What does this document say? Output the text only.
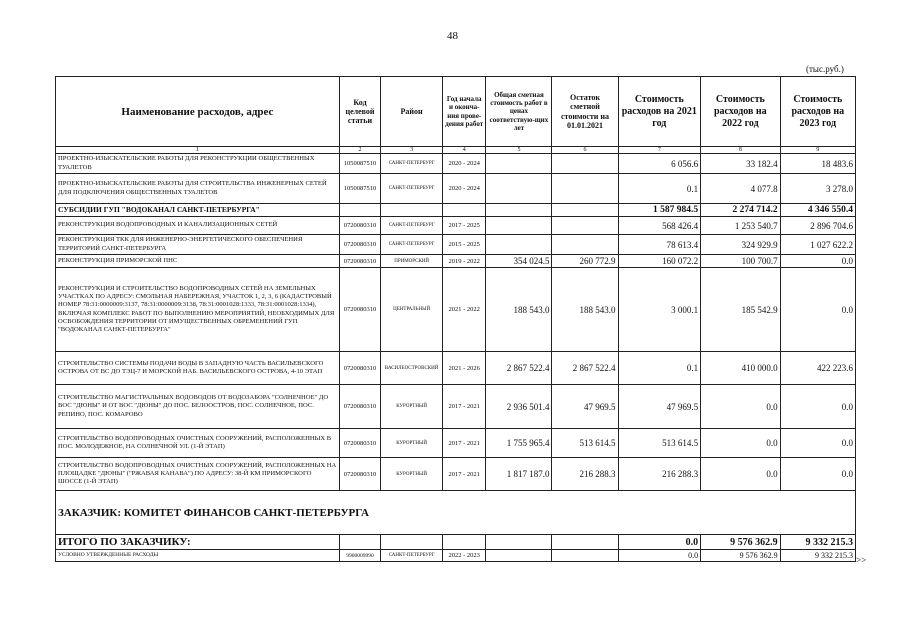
48
(тыс.руб.)
Наименование расходов, адрес	Код целевой статьи	Район	Год начала и оконча-ния прове-дения работ	Общая сметная стоимость работ в ценах соответствую-щих лет	Остаток сметной стоимости на 01.01.2021	Стоимость расходов на 2021 год	Стоимость расходов на 2022 год	Стоимость расходов на 2023 год
1	2	3	4	5	6	7	8	9
ПРОЕКТНО-ИЗЫСКАТЕЛЬСКИЕ РАБОТЫ ДЛЯ РЕКОНСТРУКЦИИ ОБЩЕСТВЕННЫХ ТУАЛЕТОВ	1050087510	САНКТ-ПЕТЕРБУРГ	2020 - 2024			6 056.6	33 182.4	18 483.6
ПРОЕКТНО-ИЗЫСКАТЕЛЬСКИЕ РАБОТЫ ДЛЯ СТРОИТЕЛЬСТВА ИНЖЕНЕРНЫХ СЕТЕЙ ДЛЯ ПОДКЛЮЧЕНИЯ ОБЩЕСТВЕННЫХ ТУАЛЕТОВ	1050087510	САНКТ-ПЕТЕРБУРГ	2020 - 2024			0.1	4 077.8	3 278.0
СУБСИДИИ ГУП "ВОДОКАНАЛ САНКТ-ПЕТЕРБУРГА"						1 587 984.5	2 274 714.2	4 346 550.4
РЕКОНСТРУКЦИЯ ВОДОПРОВОДНЫХ И КАНАЛИЗАЦИОННЫХ СЕТЕЙ	0720080310	САНКТ-ПЕТЕРБУРГ	2017 - 2025			568 426.4	1 253 540.7	2 896 704.6
РЕКОНСТРУКЦИЯ ТКК ДЛЯ ИНЖЕНЕРНО-ЭНЕРГЕТИЧЕСКОГО ОБЕСПЕЧЕНИЯ ТЕРРИТОРИЙ САНКТ-ПЕТЕРБУРГА	0720080310	САНКТ-ПЕТЕРБУРГ	2015 - 2025			78 613.4	324 929.9	1 027 622.2
РЕКОНСТРУКЦИЯ ПРИМОРСКОЙ ПНС	0720080310	ПРИМОРСКИЙ	2019 - 2022	354 024.5	260 772.9	160 072.2	100 700.7	0.0
РЕКОНСТРУКЦИЯ И СТРОИТЕЛЬСТВО ВОДОПРОВОДНЫХ СЕТЕЙ НА ЗЕМЕЛЬНЫХ УЧАСТКАХ ПО АДРЕСУ: СМОЛЬНАЯ НАБЕРЕЖНАЯ, УЧАСТОК 1, 2, 3, 6 (КАДАСТРОВЫЙ НОМЕР 78:31:0000009:3137, 78:31:0000009:3138, 78:31:0001028:1333, 78:31:0001028:1334), ВКЛЮЧАЯ КОМПЛЕКС РАБОТ ПО ВЫПОЛНЕНИЮ МЕРОПРИЯТИЙ, НЕОБХОДИМЫХ ДЛЯ ОСВОБОЖДЕНИЯ ТЕРРИТОРИИ ОТ ИМУЩЕСТВЕННЫХ ОБРЕМЕНЕНИЙ ГУП "ВОДОКАНАЛ САНКТ-ПЕТЕРБУРГА"	0720080310	ЦЕНТРАЛЬНЫЙ	2021 - 2022	188 543.0	188 543.0	3 000.1	185 542.9	0.0
СТРОИТЕЛЬСТВО СИСТЕМЫ ПОДАЧИ ВОДЫ В ЗАПАДНУЮ ЧАСТЬ ВАСИЛЬЕВСКОГО ОСТРОВА ОТ ВС ДО ТЭЦ-7 И МОРСКОЙ НАБ. ВАСИЛЬЕВСКОГО ОСТРОВА, 4-10 ЭТАП	0720080310	ВАСИЛЕОСТРОВСКИЙ	2021 - 2026	2 867 522.4	2 867 522.4	0.1	410 000.0	422 223.6
СТРОИТЕЛЬСТВО МАГИСТРАЛЬНЫХ ВОДОВОДОВ ОТ ВОДОЗАБОРА "СОЛНЕЧНОЕ" ДО ВОС "ДЮНЫ" И ОТ ВОС "ДЮНЫ" ДО ПОС. БЕЛООСТРОВ, ПОС. СОЛНЕЧНОЕ, ПОС. РЕПИНО, ПОС. КОМАРОВО	0720080310	КУРОРТНЫЙ	2017 - 2021	2 936 501.4	47 969.5	47 969.5	0.0	0.0
СТРОИТЕЛЬСТВО ВОДОПРОВОДНЫХ ОЧИСТНЫХ СООРУЖЕНИЙ, РАСПОЛОЖЕННЫХ В ПОС. МОЛОДЕЖНОЕ, НА СОЛНЕЧНОЙ УЛ. (1-Й ЭТАП)	0720080310	КУРОРТНЫЙ	2017 - 2021	1 755 965.4	513 614.5	513 614.5	0.0	0.0
СТРОИТЕЛЬСТВО ВОДОПРОВОДНЫХ ОЧИСТНЫХ СООРУЖЕНИЙ, РАСПОЛОЖЕННЫХ НА ПЛОЩАДКЕ "ДЮНЫ" ("РЖАВАЯ КАНАВА") ПО АДРЕСУ: 38-Й КМ ПРИМОРСКОГО ШОССЕ (1-Й ЭТАП)	0720080310	КУРОРТНЫЙ	2017 - 2021	1 817 187.0	216 288.3	216 288.3	0.0	0.0
ЗАКАЗЧИК: КОМИТЕТ ФИНАНСОВ САНКТ-ПЕТЕРБУРГА								
ИТОГО ПО ЗАКАЗЧИКУ:						0.0	9 576 362.9	9 332 215.3
УСЛОВНО УТВЕРЖДЕННЫЕ РАСХОДЫ	9900009990	САНКТ-ПЕТЕРБУРГ	2022 - 2023			0.0	9 576 362.9	9 332 215.3 >>
